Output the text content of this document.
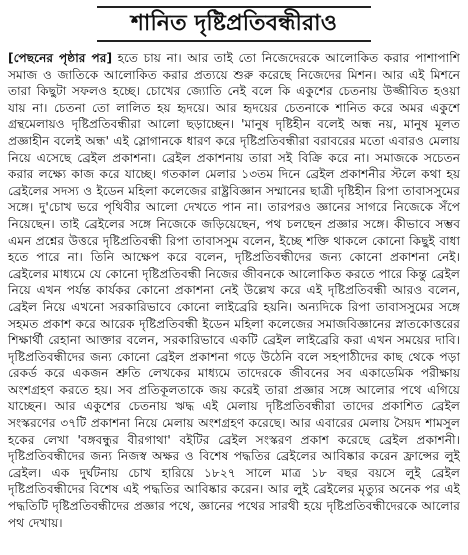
শানিত দৃষ্টিপ্রতিবন্ধীরাও

[পেছনের পৃষ্ঠার পর] হতে চায় না। আর তাই তো নিজেদেরকে আলোকিত করার পাশাপাশি সমাজ ও জাতিকে আলোকিত করার প্রত্যয়ে শুরু করেছে নিজেদের মিশন। আর এই মিশনে তারা কিছুটা সফলও হচ্ছে। চোখের জ্যোতি নেই বলে কি একুশের চেতনায় উজ্জীবিত হওয়া যায় না। চেতনা তো লালিত হয় হৃদয়ে। আর হৃদয়ের চেতনাকে শানিত করে অমর একুশে গ্রন্থমেলায়ও দৃষ্টিপ্রতিবন্ধীরা আলো ছড়াচ্ছেন। 'মানুষ দৃষ্টিহীন বলেই অন্ধ নয়, মানুষ মূলত প্রজ্ঞাহীন বলেই অন্ধ' এই স্লোগানকে ধারণ করে দৃষ্টিপ্রতিবন্ধীরা বরাবরের মতো এবারও মেলায় নিয়ে এসেছে ব্রেইল প্রকাশনা। ব্রেইল প্রকাশনায় তারা সই বিক্রি করে না। সমাজকে সচেতন করার লক্ষ্যে কাজ করে যাচ্ছে। গতকাল মেলার ১৩তম দিনে ব্রেইল প্রকাশনীর স্টলে কথা হয় ব্রেইলের সদস্য ও ইডেন মহিলা কলেজের রাষ্ট্রবিজ্ঞান সম্মানের ছাত্রী দৃষ্টিহীন রিপা তাবাসসুমের সঙ্গে। দু'চোখ ভরে পৃথিবীর আলো দেখতে পান না। তারপরও জ্ঞানের সাগরে নিজেকে সঁপে নিয়েছেন। তাই ব্রেইলের সঙ্গে নিজেকে জড়িয়েছেন, পথ চলছেন প্রজ্ঞার সঙ্গে। কীভাবে সম্ভব এমন প্রশ্নের উত্তরে দৃষ্টিপ্রতিবন্ধী রিপা তাবাসসুম বলেন, ইচ্ছে শক্তি থাকলে কোনো কিছুই বাধা হতে পারে না। তিনি আক্ষেপ করে বলেন, দৃষ্টিপ্রতিবন্ধীদের জন্য কোনো প্রকাশনা নেই। ব্রেইলের মাধ্যমে যে কোনো দৃষ্টিপ্রতিবন্ধী নিজের জীবনকে আলোকিত করতে পারে কিন্তু ব্রেইল নিয়ে এখন পর্যন্ত কার্যকর কোনো প্রকাশনা নেই উল্লেখ করে এই দৃষ্টিপ্রতিবন্ধী আরও বলেন, ব্রেইল নিয়ে এখনো সরকারিভাবে কোনো লাইব্রেরি হয়নি। অন্যদিকে রিপা তাবাসসুমের সঙ্গে সহমত প্রকাশ করে আরেক দৃষ্টিপ্রতিবন্ধী ইডেন মহিলা কলেজের সমাজবিজ্ঞানের স্নাতকোত্তরের শিক্ষার্থী রেহানা আক্তার বলেন, সরকারিভাবে একটি ব্রেইল লাইব্রেরি করা এখন সময়ের দাবি। দৃষ্টিপ্রতিবন্ধীদের জন্য কোনো ব্রেইল প্রকাশনা গড়ে উঠেনি বলে সহপাঠীদের কাছ থেকে পড়া রেকর্ড করে একজন শ্রুতি লেখকের মাধ্যমে তাদেরকে জীবনের সব একাডেমিক পরীক্ষায় অংশগ্রহণ করতে হয়। সব প্রতিকূলতাকে জয় করেই তারা প্রজ্ঞার সঙ্গে আলোর পথে এগিয়ে যাচ্ছেন। আর একুশের চেতনায় ঋদ্ধ এই মেলায় দৃষ্টিপ্রতিবন্ধীরা তাদের প্রকাশিত ব্রেইল সংস্করণের ৩৭টি প্রকাশনা নিয়ে মেলায় অংশগ্রহণ করেছে। আর এবারের মেলায় সৈয়দ শামসুল হকের লেখা 'বঙ্গবন্ধুর বীরগাথা' বইটির ব্রেইল সংস্করণ প্রকাশ করেছে ব্রেইল প্রকাশনী। দৃষ্টিপ্রতিবন্ধীদের জন্য নিজস্ব অক্ষর ও বিশেষ পদ্ধতির ব্রেইলের আবিষ্কার করেন ফ্রান্সের লুই ব্রেইল। এক দুর্ঘটনায় চোখ হারিয়ে ১৮২৭ সালে মাত্র ১৮ বছর বয়সে লুই ব্রেইল দৃষ্টিপ্রতিবন্ধীদের বিশেষ এই পদ্ধতির আবিষ্কার করেন। আর লুই ব্রেইলের মৃত্যুর অনেক পর এই পদ্ধতিটি দৃষ্টিপ্রতিবন্ধীদের প্রজ্ঞার পথে, জ্ঞানের পথের সারথী হয়ে দৃষ্টিপ্রতিবন্ধীদেরকে আলোর পথ দেখায়।
